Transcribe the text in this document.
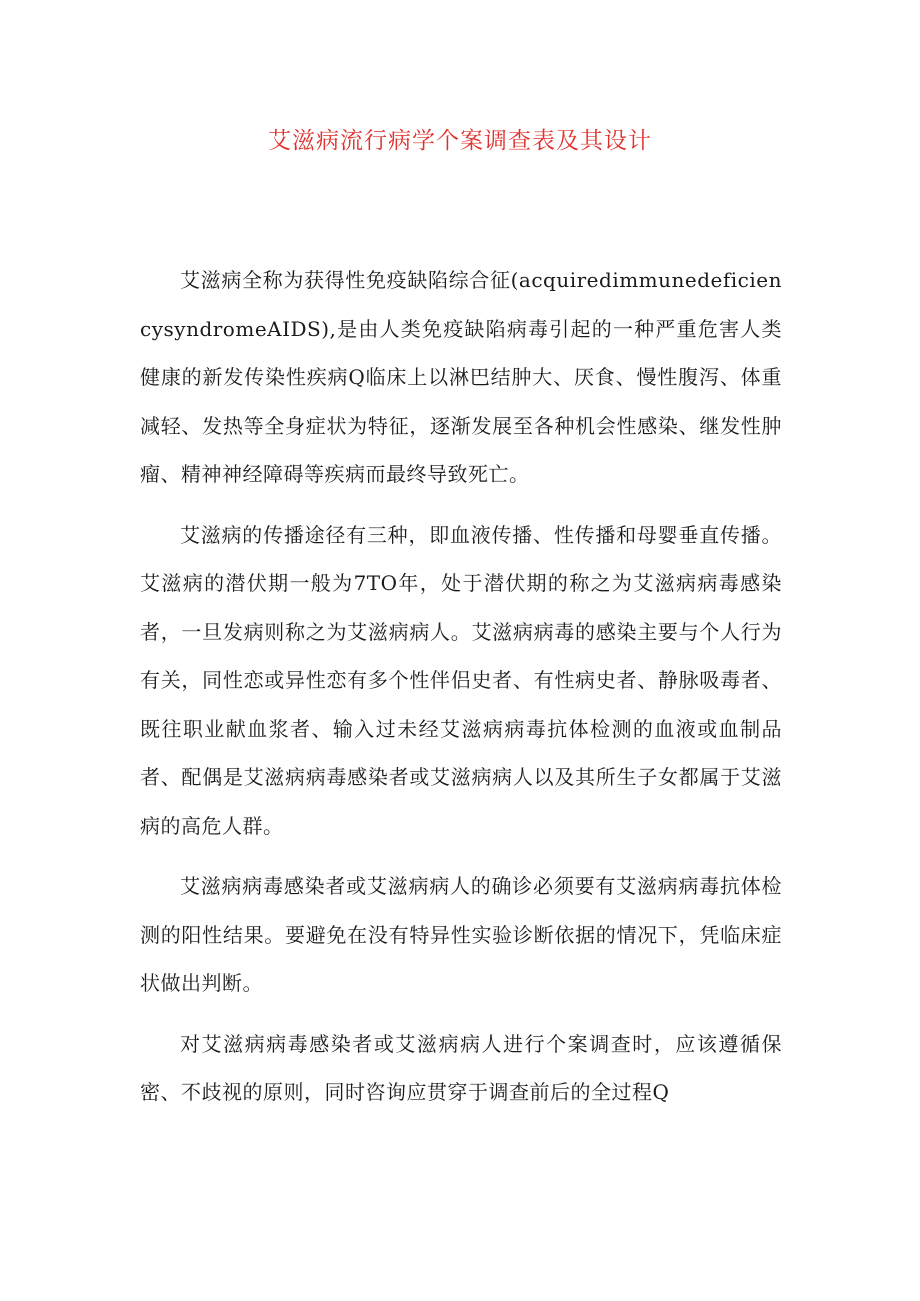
艾滋病流行病学个案调查表及其设计

艾滋病全称为获得性免疫缺陷综合征(acquiredimmunedeficiencysyndromeAIDS),是由人类免疫缺陷病毒引起的一种严重危害人类健康的新发传染性疾病Q临床上以淋巴结肿大、厌食、慢性腹泻、体重减轻、发热等全身症状为特征，逐渐发展至各种机会性感染、继发性肿瘤、精神神经障碍等疾病而最终导致死亡。

艾滋病的传播途径有三种，即血液传播、性传播和母婴垂直传播。艾滋病的潜伏期一般为7TO年，处于潜伏期的称之为艾滋病病毒感染者，一旦发病则称之为艾滋病病人。艾滋病病毒的感染主要与个人行为有关，同性恋或异性恋有多个性伴侣史者、有性病史者、静脉吸毒者、既往职业献血浆者、输入过未经艾滋病病毒抗体检测的血液或血制品者、配偶是艾滋病病毒感染者或艾滋病病人以及其所生子女都属于艾滋病的高危人群。

艾滋病病毒感染者或艾滋病病人的确诊必须要有艾滋病病毒抗体检测的阳性结果。要避免在没有特异性实验诊断依据的情况下，凭临床症状做出判断。

对艾滋病病毒感染者或艾滋病病人进行个案调查时，应该遵循保密、不歧视的原则，同时咨询应贯穿于调查前后的全过程Q
